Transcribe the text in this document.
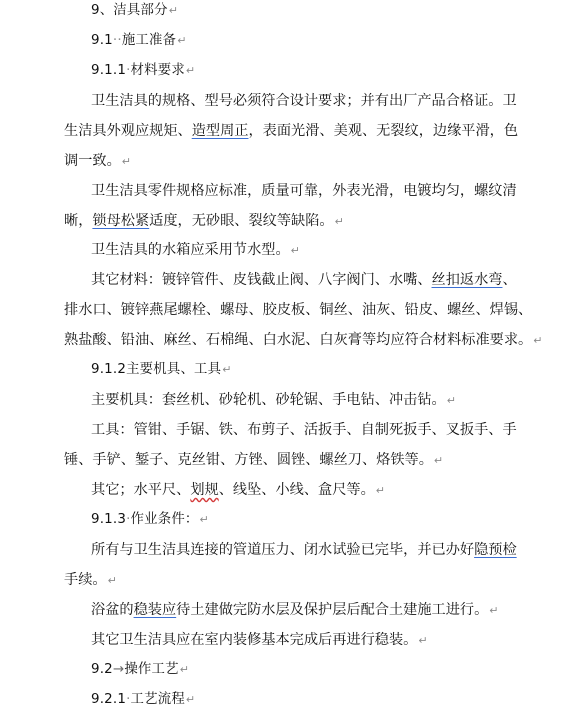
9、洁具部分↵
9.1··施工准备↵
9.1.1·材料要求↵
卫生洁具的规格、型号必须符合设计要求；并有出厂产品合格证。卫
生洁具外观应规矩、造型周正，表面光滑、美观、无裂纹，边缘平滑，色
调一致。↵
卫生洁具零件规格应标准，质量可靠，外表光滑，电镀均匀，螺纹清
晰，锁母松紧适度，无砂眼、裂纹等缺陷。↵
卫生洁具的水箱应采用节水型。↵
其它材料：镀锌管件、皮钱截止阀、八字阀门、水嘴、丝扣返水弯、
排水口、镀锌燕尾螺栓、螺母、胶皮板、铜丝、油灰、铅皮、螺丝、焊锡、
熟盐酸、铅油、麻丝、石棉绳、白水泥、白灰膏等均应符合材料标准要求。↵
9.1.2主要机具、工具↵
主要机具：套丝机、砂轮机、砂轮锯、手电钻、冲击钻。↵
工具：管钳、手锯、铁、布剪子、活扳手、自制死扳手、叉扳手、手
锤、手铲、錾子、克丝钳、方锉、圆锉、螺丝刀、烙铁等。↵
其它；水平尺、划规、线坠、小线、盒尺等。↵
9.1.3·作业条件：↵
所有与卫生洁具连接的管道压力、闭水试验已完毕，并已办好隐预检
手续。↵
浴盆的稳装应待土建做完防水层及保护层后配合土建施工进行。↵
其它卫生洁具应在室内装修基本完成后再进行稳装。↵
9.2→操作工艺↵
9.2.1·工艺流程↵
